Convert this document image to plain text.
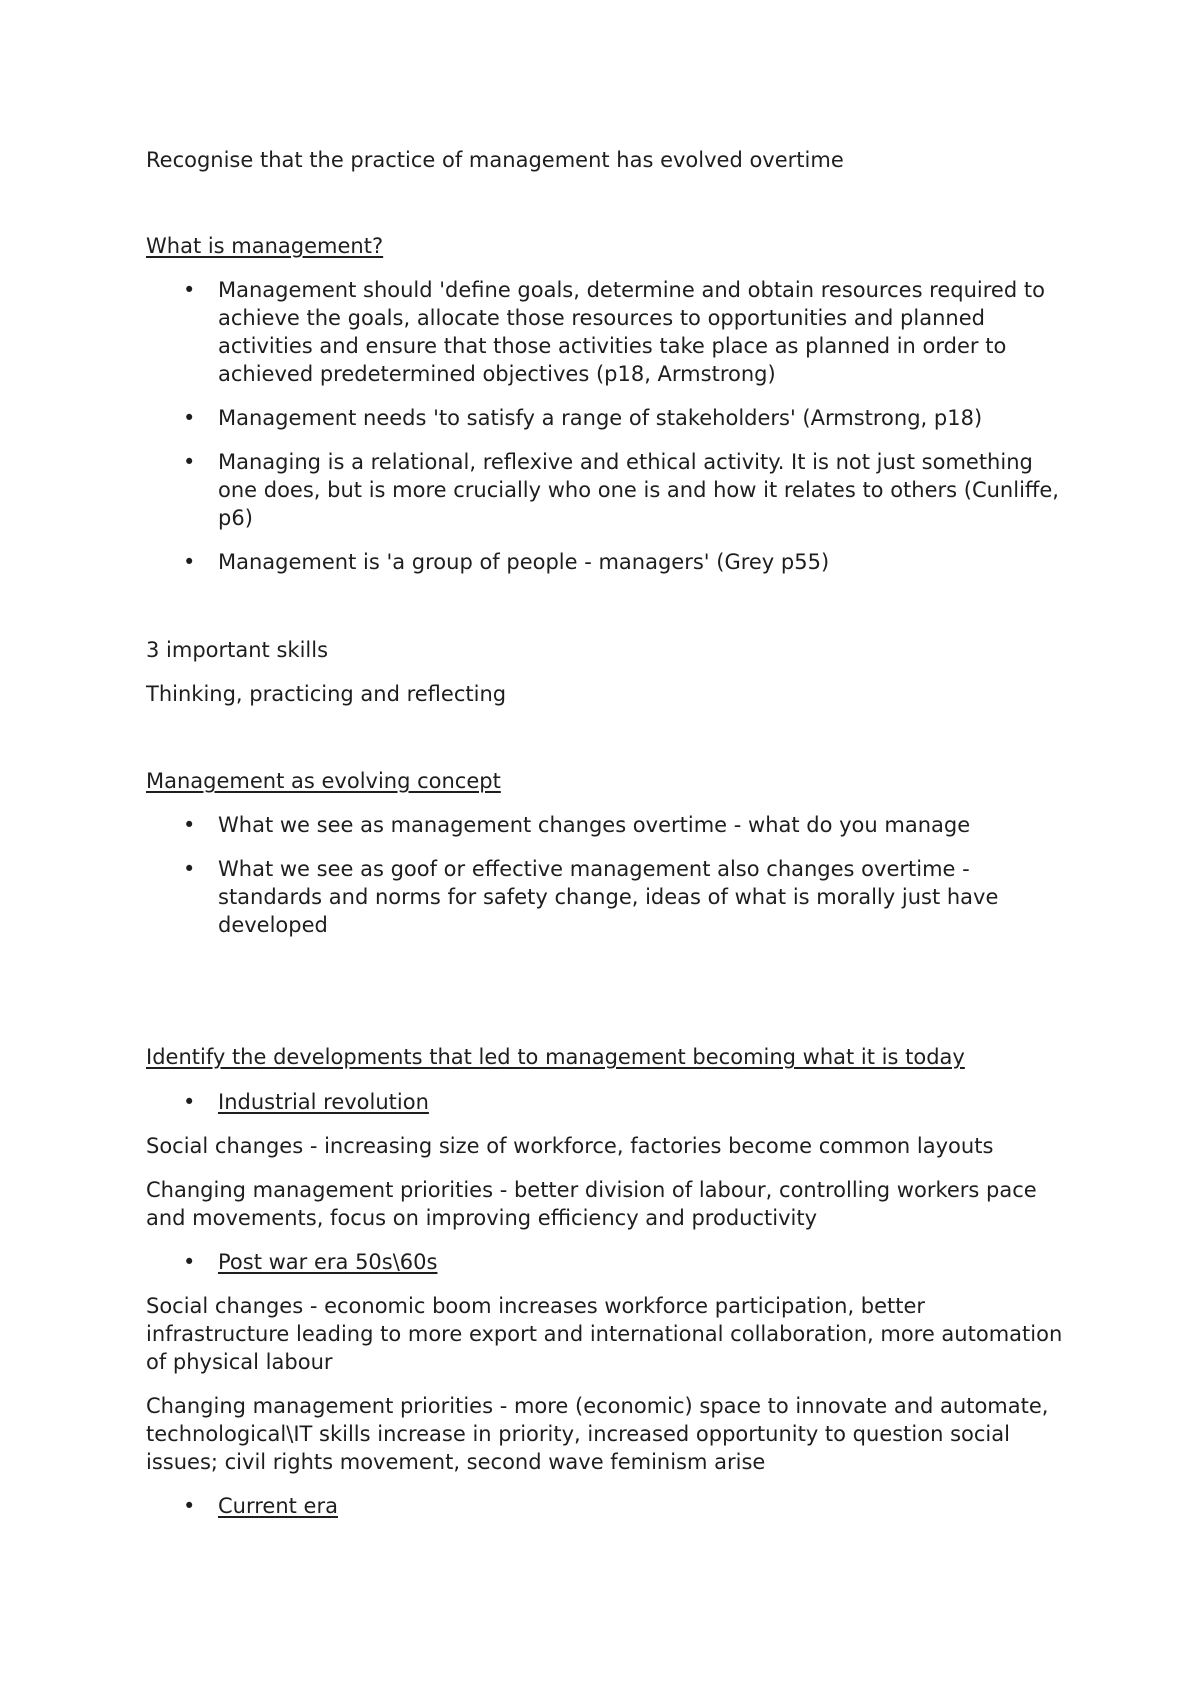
Recognise that the practice of management has evolved overtime

What is management?

• Management should 'define goals, determine and obtain resources required to achieve the goals, allocate those resources to opportunities and planned activities and ensure that those activities take place as planned in order to achieved predetermined objectives (p18, Armstrong)
• Management needs 'to satisfy a range of stakeholders' (Armstrong, p18)
• Managing is a relational, reflexive and ethical activity. It is not just something one does, but is more crucially who one is and how it relates to others (Cunliffe, p6)
• Management is 'a group of people - managers' (Grey p55)

3 important skills

Thinking, practicing and reflecting

Management as evolving concept

• What we see as management changes overtime - what do you manage
• What we see as goof or effective management also changes overtime - standards and norms for safety change, ideas of what is morally just have developed

Identify the developments that led to management becoming what it is today

• Industrial revolution

Social changes - increasing size of workforce, factories become common layouts

Changing management priorities - better division of labour, controlling workers pace and movements, focus on improving efficiency and productivity

• Post war era 50s\60s

Social changes - economic boom increases workforce participation, better infrastructure leading to more export and international collaboration, more automation of physical labour

Changing management priorities - more (economic) space to innovate and automate, technological\IT skills increase in priority, increased opportunity to question social issues; civil rights movement, second wave feminism arise

• Current era
